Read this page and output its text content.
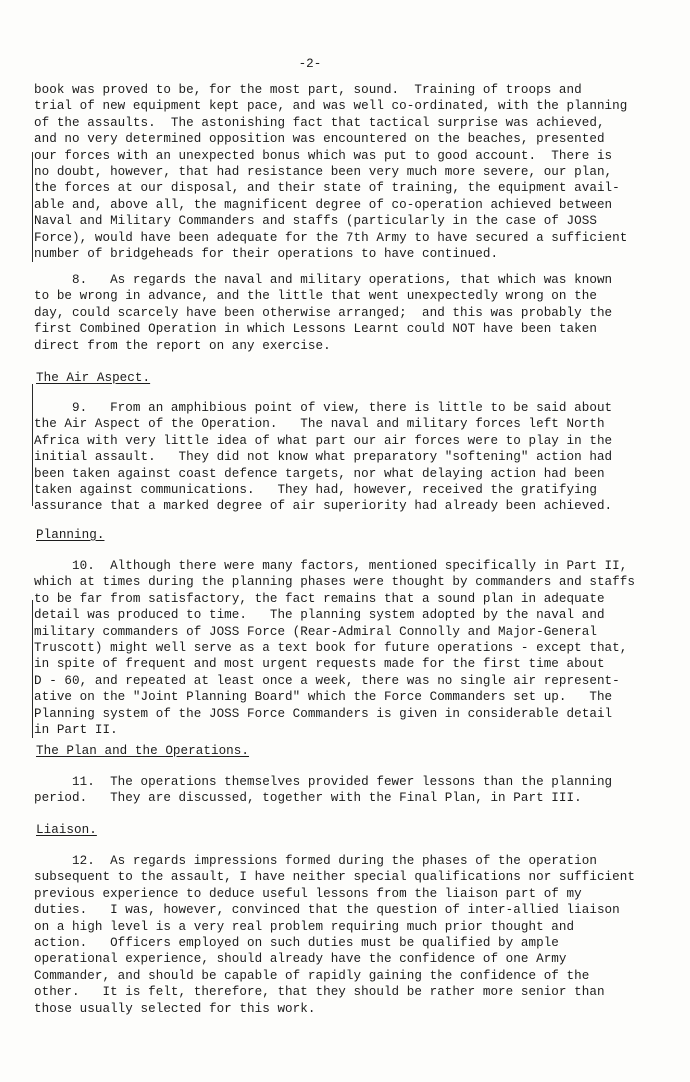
-2-

book was proved to be, for the most part, sound.  Training of troops and
trial of new equipment kept pace, and was well co-ordinated, with the planning
of the assaults.  The astonishing fact that tactical surprise was achieved,
and no very determined opposition was encountered on the beaches, presented
our forces with an unexpected bonus which was put to good account.  There is
no doubt, however, that had resistance been very much more severe, our plan,
the forces at our disposal, and their state of training, the equipment avail-
able and, above all, the magnificent degree of co-operation achieved between
Naval and Military Commanders and staffs (particularly in the case of JOSS
Force), would have been adequate for the 7th Army to have secured a sufficient
number of bridgeheads for their operations to have continued.

8.   As regards the naval and military operations, that which was known
to be wrong in advance, and the little that went unexpectedly wrong on the
day, could scarcely have been otherwise arranged;  and this was probably the
first Combined Operation in which Lessons Learnt could NOT have been taken
direct from the report on any exercise.

The Air Aspect.

9.   From an amphibious point of view, there is little to be said about
the Air Aspect of the Operation.   The naval and military forces left North
Africa with very little idea of what part our air forces were to play in the
initial assault.   They did not know what preparatory "softening" action had
been taken against coast defence targets, nor what delaying action had been
taken against communications.   They had, however, received the gratifying
assurance that a marked degree of air superiority had already been achieved.

Planning.

10.  Although there were many factors, mentioned specifically in Part II,
which at times during the planning phases were thought by commanders and staffs
to be far from satisfactory, the fact remains that a sound plan in adequate
detail was produced to time.   The planning system adopted by the naval and
military commanders of JOSS Force (Rear-Admiral Connolly and Major-General
Truscott) might well serve as a text book for future operations - except that,
in spite of frequent and most urgent requests made for the first time about
D - 60, and repeated at least once a week, there was no single air represent-
ative on the "Joint Planning Board" which the Force Commanders set up.   The
Planning system of the JOSS Force Commanders is given in considerable detail
in Part II.

The Plan and the Operations.

11.  The operations themselves provided fewer lessons than the planning
period.   They are discussed, together with the Final Plan, in Part III.

Liaison.

12.  As regards impressions formed during the phases of the operation
subsequent to the assault, I have neither special qualifications nor sufficient
previous experience to deduce useful lessons from the liaison part of my
duties.   I was, however, convinced that the question of inter-allied liaison
on a high level is a very real problem requiring much prior thought and
action.   Officers employed on such duties must be qualified by ample
operational experience, should already have the confidence of one Army
Commander, and should be capable of rapidly gaining the confidence of the
other.   It is felt, therefore, that they should be rather more senior than
those usually selected for this work.
